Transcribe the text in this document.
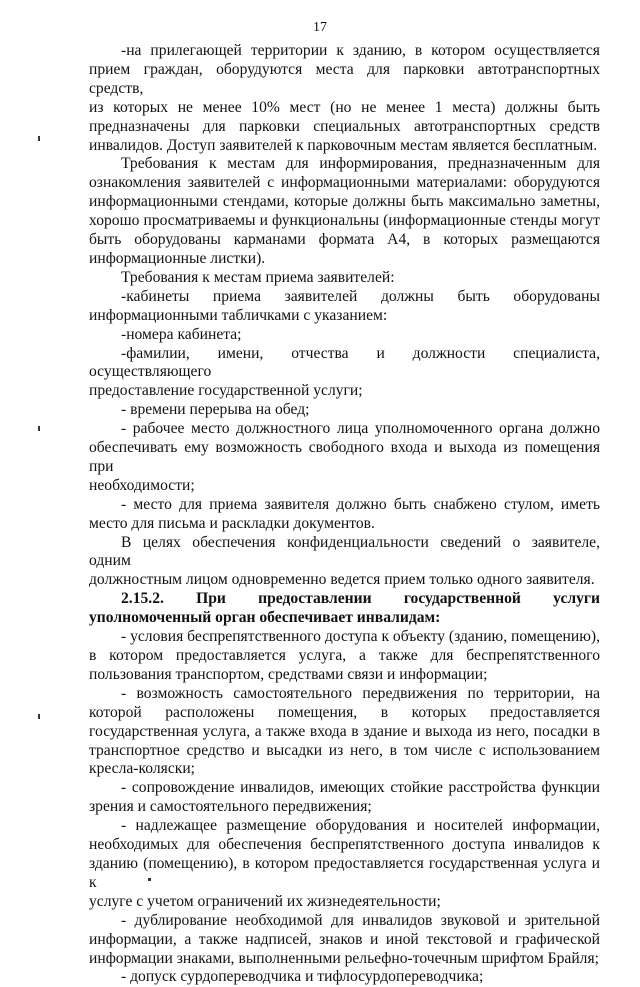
17
-на прилегающей территории к зданию, в котором осуществляется
прием граждан, оборудуются места для парковки автотранспортных средств,
из которых не менее 10% мест (но не менее 1 места) должны быть
предназначены для парковки специальных автотранспортных средств
инвалидов. Доступ заявителей к парковочным местам является бесплатным.
Требования к местам для информирования, предназначенным для
ознакомления заявителей с информационными материалами: оборудуются
информационными стендами, которые должны быть максимально заметны,
хорошо просматриваемы и функциональны (информационные стенды могут
быть оборудованы карманами формата А4, в которых размещаются
информационные листки).
Требования к местам приема заявителей:
-кабинеты приема заявителей должны быть оборудованы
информационными табличками с указанием:
-номера кабинета;
-фамилии, имени, отчества и должности специалиста, осуществляющего
предоставление государственной услуги;
- времени перерыва на обед;
- рабочее место должностного лица уполномоченного органа должно
обеспечивать ему возможность свободного входа и выхода из помещения при
необходимости;
- место для приема заявителя должно быть снабжено стулом, иметь
место для письма и раскладки документов.
В целях обеспечения конфиденциальности сведений о заявителе, одним
должностным лицом одновременно ведется прием только одного заявителя.
2.15.2. При предоставлении государственной услуги
уполномоченный орган обеспечивает инвалидам:
- условия беспрепятственного доступа к объекту (зданию, помещению),
в котором предоставляется услуга, а также для беспрепятственного
пользования транспортом, средствами связи и информации;
- возможность самостоятельного передвижения по территории, на
которой расположены помещения, в которых предоставляется
государственная услуга, а также входа в здание и выхода из него, посадки в
транспортное средство и высадки из него, в том числе с использованием
кресла-коляски;
- сопровождение инвалидов, имеющих стойкие расстройства функции
зрения и самостоятельного передвижения;
- надлежащее размещение оборудования и носителей информации,
необходимых для обеспечения беспрепятственного доступа инвалидов к
зданию (помещению), в котором предоставляется государственная услуга и к
услуге с учетом ограничений их жизнедеятельности;
- дублирование необходимой для инвалидов звуковой и зрительной
информации, а также надписей, знаков и иной текстовой и графической
информации знаками, выполненными рельефно-точечным шрифтом Брайля;
- допуск сурдопереводчика и тифлосурдопереводчика;
